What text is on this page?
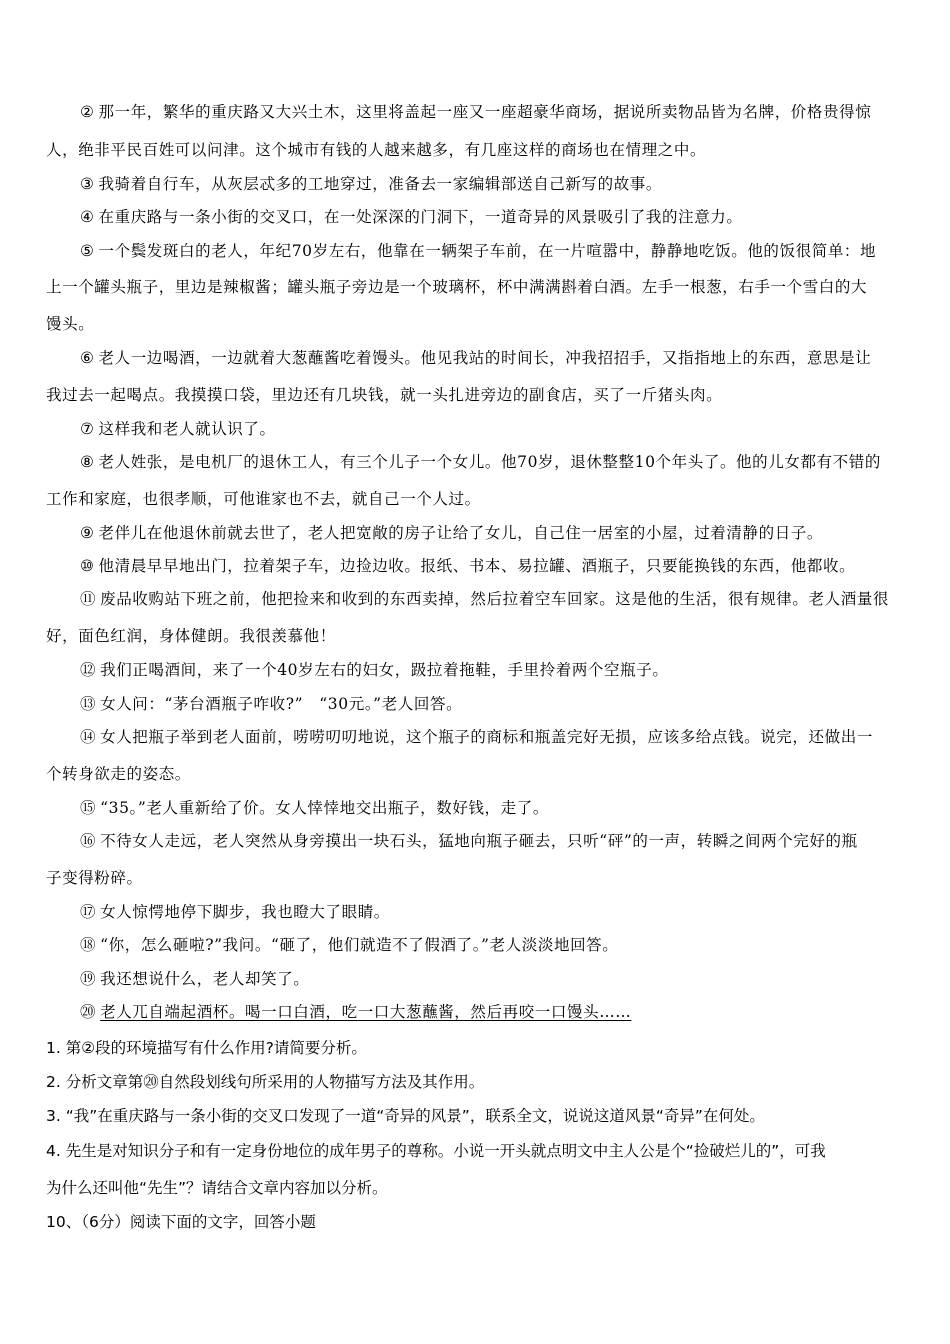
② 那一年，繁华的重庆路又大兴土木，这里将盖起一座又一座超豪华商场，据说所卖物品皆为名牌，价格贵得惊
人，绝非平民百姓可以问津。这个城市有钱的人越来越多，有几座这样的商场也在情理之中。
③ 我骑着自行车，从灰层忒多的工地穿过，准备去一家编辑部送自己新写的故事。
④ 在重庆路与一条小街的交叉口，在一处深深的门洞下，一道奇异的风景吸引了我的注意力。
⑤ 一个鬓发斑白的老人，年纪70岁左右，他靠在一辆架子车前，在一片喧嚣中，静静地吃饭。他的饭很简单：地
上一个罐头瓶子，里边是辣椒酱；罐头瓶子旁边是一个玻璃杯，杯中满满斟着白酒。左手一根葱，右手一个雪白的大
馒头。
⑥ 老人一边喝酒，一边就着大葱蘸酱吃着馒头。他见我站的时间长，冲我招招手，又指指地上的东西，意思是让
我过去一起喝点。我摸摸口袋，里边还有几块钱，就一头扎进旁边的副食店，买了一斤猪头肉。
⑦ 这样我和老人就认识了。
⑧ 老人姓张，是电机厂的退休工人，有三个儿子一个女儿。他70岁，退休整整10个年头了。他的儿女都有不错的
工作和家庭，也很孝顺，可他谁家也不去，就自己一个人过。
⑨ 老伴儿在他退休前就去世了，老人把宽敞的房子让给了女儿，自己住一居室的小屋，过着清静的日子。
⑩ 他清晨早早地出门，拉着架子车，边捡边收。报纸、书本、易拉罐、酒瓶子，只要能换钱的东西，他都收。
⑪ 废品收购站下班之前，他把捡来和收到的东西卖掉，然后拉着空车回家。这是他的生活，很有规律。老人酒量很
好，面色红润，身体健朗。我很羡慕他！
⑫ 我们正喝酒间，来了一个40岁左右的妇女，趿拉着拖鞋，手里拎着两个空瓶子。
⑬ 女人问：“茅台酒瓶子咋收?”　“30元。”老人回答。
⑭ 女人把瓶子举到老人面前，唠唠叨叨地说，这个瓶子的商标和瓶盖完好无损，应该多给点钱。说完，还做出一
个转身欲走的姿态。
⑮ “35。”老人重新给了价。女人悻悻地交出瓶子，数好钱，走了。
⑯ 不待女人走远，老人突然从身旁摸出一块石头，猛地向瓶子砸去，只听“砰”的一声，转瞬之间两个完好的瓶
子变得粉碎。
⑰ 女人惊愕地停下脚步，我也瞪大了眼睛。
⑱ “你，怎么砸啦?”我问。“砸了，他们就造不了假酒了。”老人淡淡地回答。
⑲ 我还想说什么，老人却笑了。
⑳ 老人兀自端起酒杯。喝一口白酒，吃一口大葱蘸酱，然后再咬一口馒头……
1. 第②段的环境描写有什么作用?请简要分析。
2. 分析文章第⑳自然段划线句所采用的人物描写方法及其作用。
3. “我”在重庆路与一条小街的交叉口发现了一道“奇异的风景”，联系全文，说说这道风景“奇异”在何处。
4. 先生是对知识分子和有一定身份地位的成年男子的尊称。小说一开头就点明文中主人公是个“捡破烂儿的”，可我
为什么还叫他“先生”？请结合文章内容加以分析。
10、（6分）阅读下面的文字，回答小题
